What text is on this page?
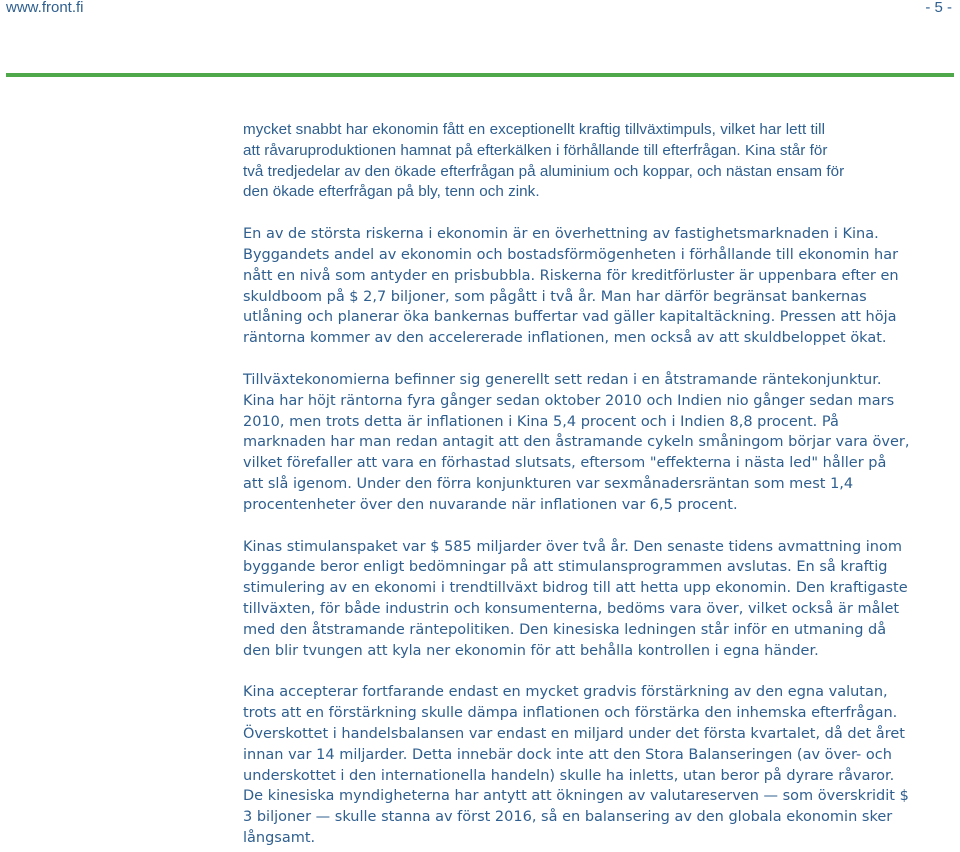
www.front.fi	- 5 -

mycket snabbt har ekonomin fått en exceptionellt kraftig tillväxtimpuls, vilket har lett till
att råvaruproduktionen hamnat på efterkälken i förhållande till efterfrågan. Kina står för
två tredjedelar av den ökade efterfrågan på aluminium och koppar, och nästan ensam för
den ökade efterfrågan på bly, tenn och zink.

En av de största riskerna i ekonomin är en överhettning av fastighetsmarknaden i Kina.
Byggandets andel av ekonomin och bostadsförmögenheten i förhållande till ekonomin har
nått en nivå som antyder en prisbubbla. Riskerna för kreditförluster är uppenbara efter en
skuldboom på $ 2,7 biljoner, som pågått i två år. Man har därför begränsat bankernas
utlåning och planerar öka bankernas buffertar vad gäller kapitaltäckning. Pressen att höja
räntorna kommer av den accelererade inflationen, men också av att skuldbeloppet ökat.

Tillväxtekonomierna befinner sig generellt sett redan i en åtstramande räntekonjunktur.
Kina har höjt räntorna fyra gånger sedan oktober 2010 och Indien nio gånger sedan mars
2010, men trots detta är inflationen i Kina 5,4 procent och i Indien 8,8 procent. På
marknaden har man redan antagit att den åstramande cykeln småningom börjar vara över,
vilket förefaller att vara en förhastad slutsats, eftersom "effekterna i nästa led" håller på
att slå igenom. Under den förra konjunkturen var sexmånadersräntan som mest 1,4
procentenheter över den nuvarande när inflationen var 6,5 procent.

Kinas stimulanspaket var $ 585 miljarder över två år. Den senaste tidens avmattning inom
byggande beror enligt bedömningar på att stimulansprogrammen avslutas. En så kraftig
stimulering av en ekonomi i trendtillväxt bidrog till att hetta upp ekonomin. Den kraftigaste
tillväxten, för både industrin och konsumenterna, bedöms vara över, vilket också är målet
med den åtstramande räntepolitiken. Den kinesiska ledningen står inför en utmaning då
den blir tvungen att kyla ner ekonomin för att behålla kontrollen i egna händer.

Kina accepterar fortfarande endast en mycket gradvis förstärkning av den egna valutan,
trots att en förstärkning skulle dämpa inflationen och förstärka den inhemska efterfrågan.
Överskottet i handelsbalansen var endast en miljard under det första kvartalet, då det året
innan var 14 miljarder. Detta innebär dock inte att den Stora Balanseringen (av över- och
underskottet i den internationella handeln) skulle ha inletts, utan beror på dyrare råvaror.
De kinesiska myndigheterna har antytt att ökningen av valutareserven — som överskridit $
3 biljoner — skulle stanna av först 2016, så en balansering av den globala ekonomin sker
långsamt.
